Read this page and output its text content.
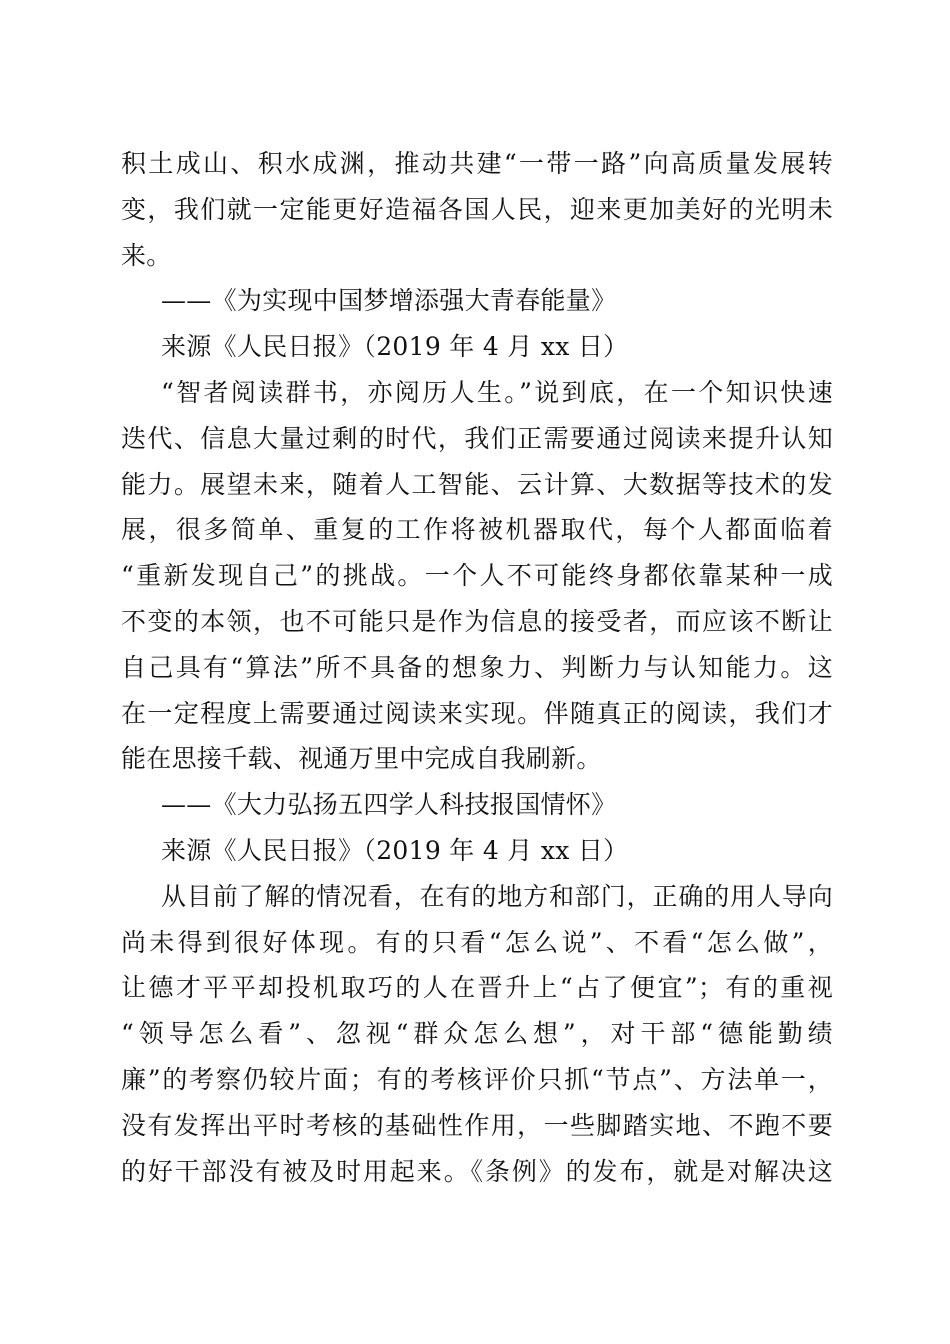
积土成山、积水成渊，推动共建“一带一路”向高质量发展转
变，我们就一定能更好造福各国人民，迎来更加美好的光明未
来。
——《为实现中国梦增添强大青春能量》
来源《人民日报》（2019 年 4 月 xx 日）
“智者阅读群书，亦阅历人生。”说到底，在一个知识快速
迭代、信息大量过剩的时代，我们正需要通过阅读来提升认知
能力。展望未来，随着人工智能、云计算、大数据等技术的发
展，很多简单、重复的工作将被机器取代，每个人都面临着
“重新发现自己”的挑战。一个人不可能终身都依靠某种一成
不变的本领，也不可能只是作为信息的接受者，而应该不断让
自己具有“算法”所不具备的想象力、判断力与认知能力。这
在一定程度上需要通过阅读来实现。伴随真正的阅读，我们才
能在思接千载、视通万里中完成自我刷新。
——《大力弘扬五四学人科技报国情怀》
来源《人民日报》（2019 年 4 月 xx 日）
从目前了解的情况看，在有的地方和部门，正确的用人导向
尚未得到很好体现。有的只看“怎么说”、不看“怎么做”，
让德才平平却投机取巧的人在晋升上“占了便宜”；有的重视
“领导怎么看”、忽视“群众怎么想”，对干部“德能勤绩
廉”的考察仍较片面；有的考核评价只抓“节点”、方法单一，
没有发挥出平时考核的基础性作用，一些脚踏实地、不跑不要
的好干部没有被及时用起来。《条例》的发布，就是对解决这
